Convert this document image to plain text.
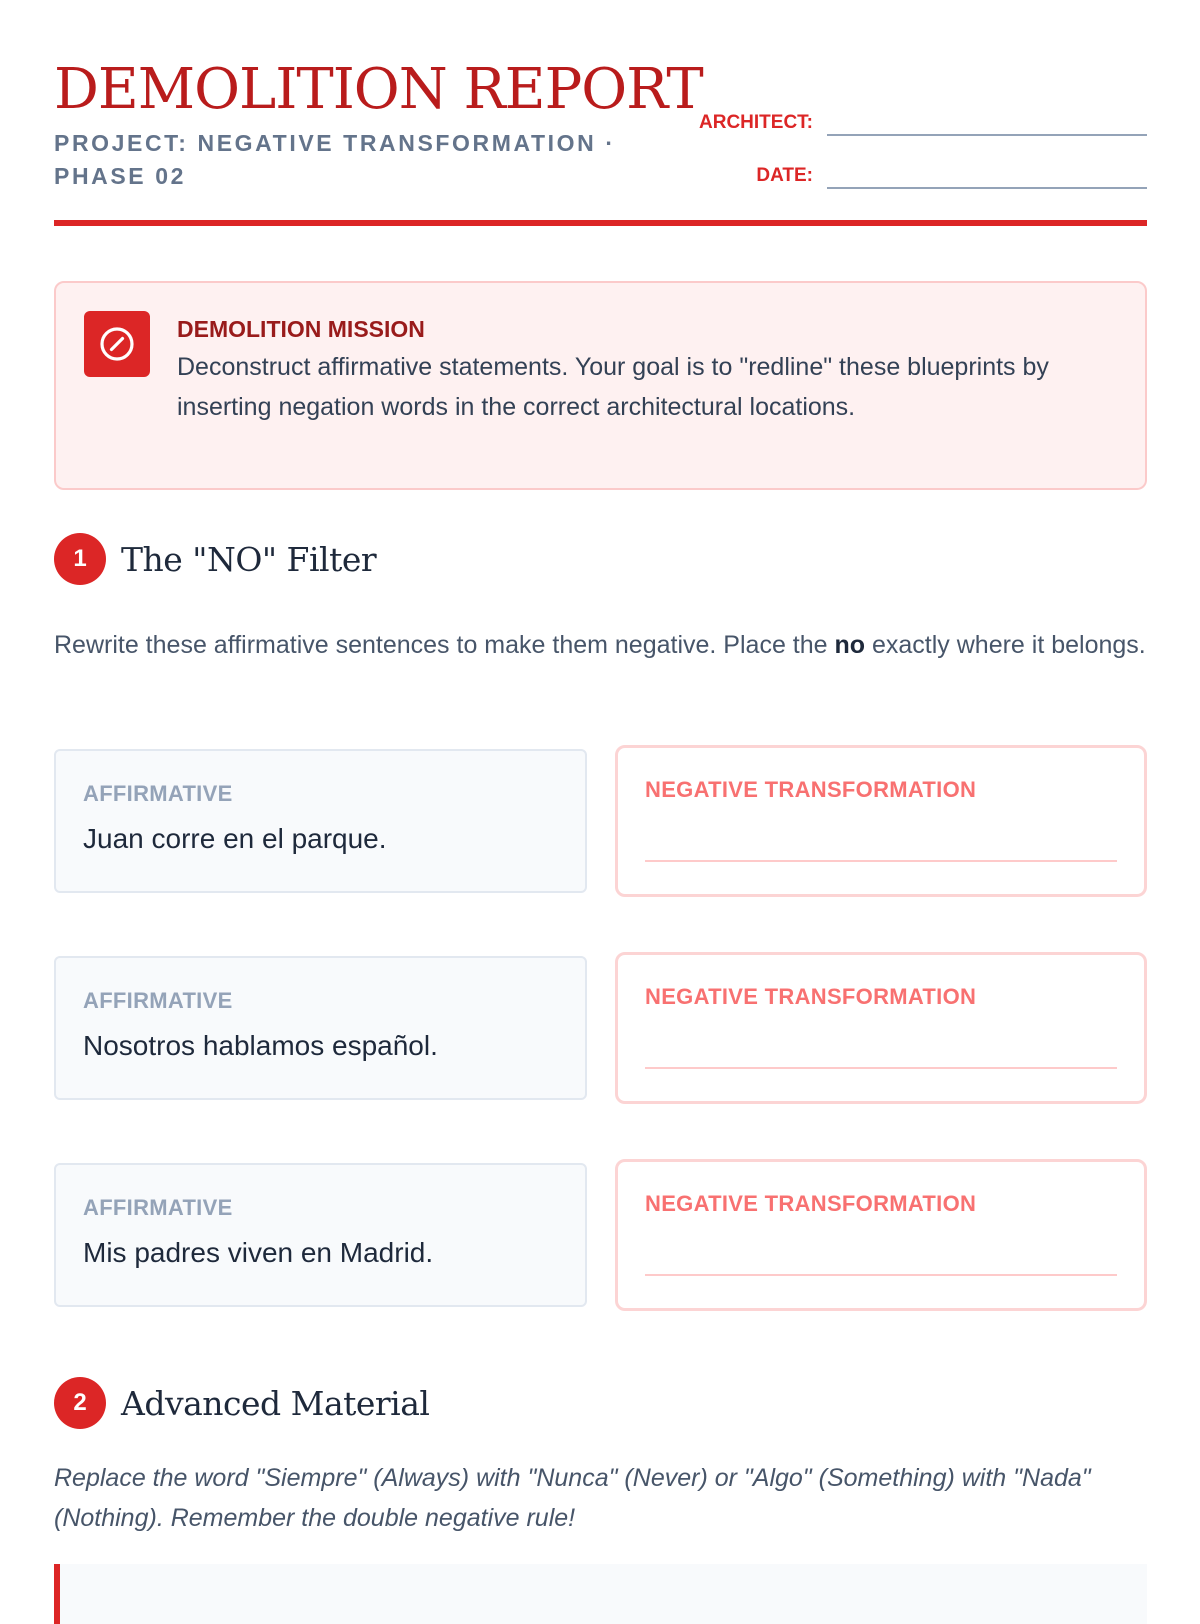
DEMOLITION REPORT
PROJECT: NEGATIVE TRANSFORMATION · PHASE 02
ARCHITECT:
DATE:
DEMOLITION MISSION
Deconstruct affirmative statements. Your goal is to "redline" these blueprints by inserting negation words in the correct architectural locations.
1	The "NO" Filter
Rewrite these affirmative sentences to make them negative. Place the no exactly where it belongs.
AFFIRMATIVE
Juan corre en el parque.
NEGATIVE TRANSFORMATION
AFFIRMATIVE
Nosotros hablamos español.
NEGATIVE TRANSFORMATION
AFFIRMATIVE
Mis padres viven en Madrid.
NEGATIVE TRANSFORMATION
2	Advanced Material
Replace the word "Siempre" (Always) with "Nunca" (Never) or "Algo" (Something) with "Nada" (Nothing). Remember the double negative rule!
